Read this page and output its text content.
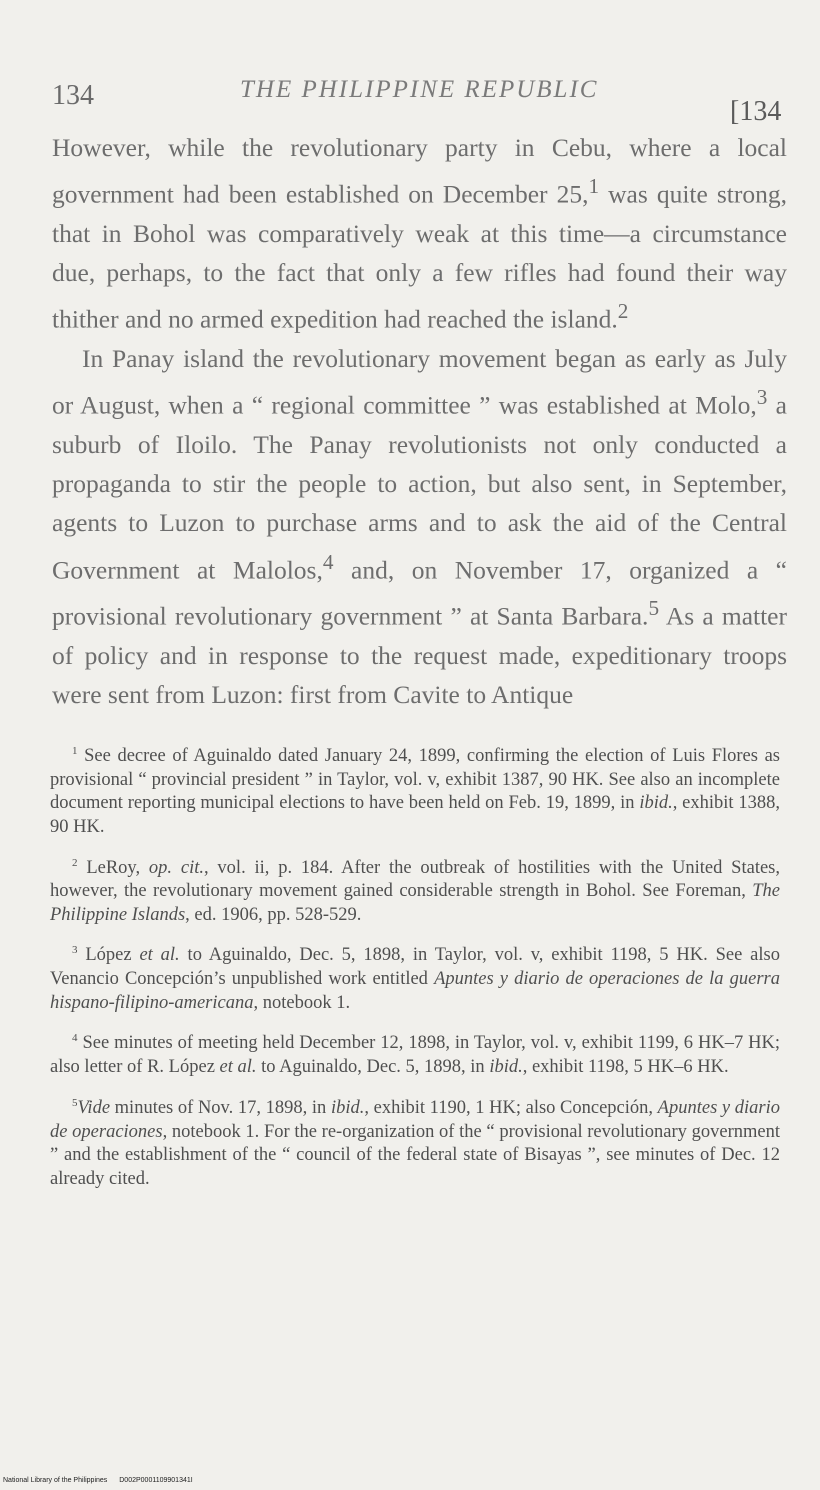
134	THE PHILIPPINE REPUBLIC
[134

However, while the revolutionary party in Cebu, where a local government had been established on December 25,$^1$ was quite strong, that in Bohol was comparatively weak at this time—a circumstance due, perhaps, to the fact that only a few rifles had found their way thither and no armed expedition had reached the island.$^2$

In Panay island the revolutionary movement began as early as July or August, when a “ regional committee ” was established at Molo,$^3$ a suburb of Iloilo. The Panay revolutionists not only conducted a propaganda to stir the people to action, but also sent, in September, agents to Luzon to purchase arms and to ask the aid of the Central Government at Malolos,$^4$ and, on November 17, organized a “ provisional revolutionary government ” at Santa Barbara.$^5$ As a matter of policy and in response to the request made, expeditionary troops were sent from Luzon: first from Cavite to Antique

$^1$ See decree of Aguinaldo dated January 24, 1899, confirming the election of Luis Flores as provisional “ provincial president ” in Taylor, vol. v, exhibit 1387, 90 HK. See also an incomplete document reporting municipal elections to have been held on Feb. 19, 1899, in ibid., exhibit 1388, 90 HK.

$^2$ LeRoy, op. cit., vol. ii, p. 184. After the outbreak of hostilities with the United States, however, the revolutionary movement gained considerable strength in Bohol. See Foreman, The Philippine Islands, ed. 1906, pp. 528-529.

$^3$ López et al. to Aguinaldo, Dec. 5, 1898, in Taylor, vol. v, exhibit 1198, 5 HK. See also Venancio Concepción’s unpublished work entitled Apuntes y diario de operaciones de la guerra hispano-filipino-americana, notebook 1.

$^4$ See minutes of meeting held December 12, 1898, in Taylor, vol. v, exhibit 1199, 6 HK–7 HK; also letter of R. López et al. to Aguinaldo, Dec. 5, 1898, in ibid., exhibit 1198, 5 HK–6 HK.

$^5$Vide minutes of Nov. 17, 1898, in ibid., exhibit 1190, 1 HK; also Concepción, Apuntes y diario de operaciones, notebook 1. For the re-organization of the “ provisional revolutionary government ” and the establishment of the “ council of the federal state of Bisayas ”, see minutes of Dec. 12 already cited.

National Library of the Philippines D002P0001109901341I
